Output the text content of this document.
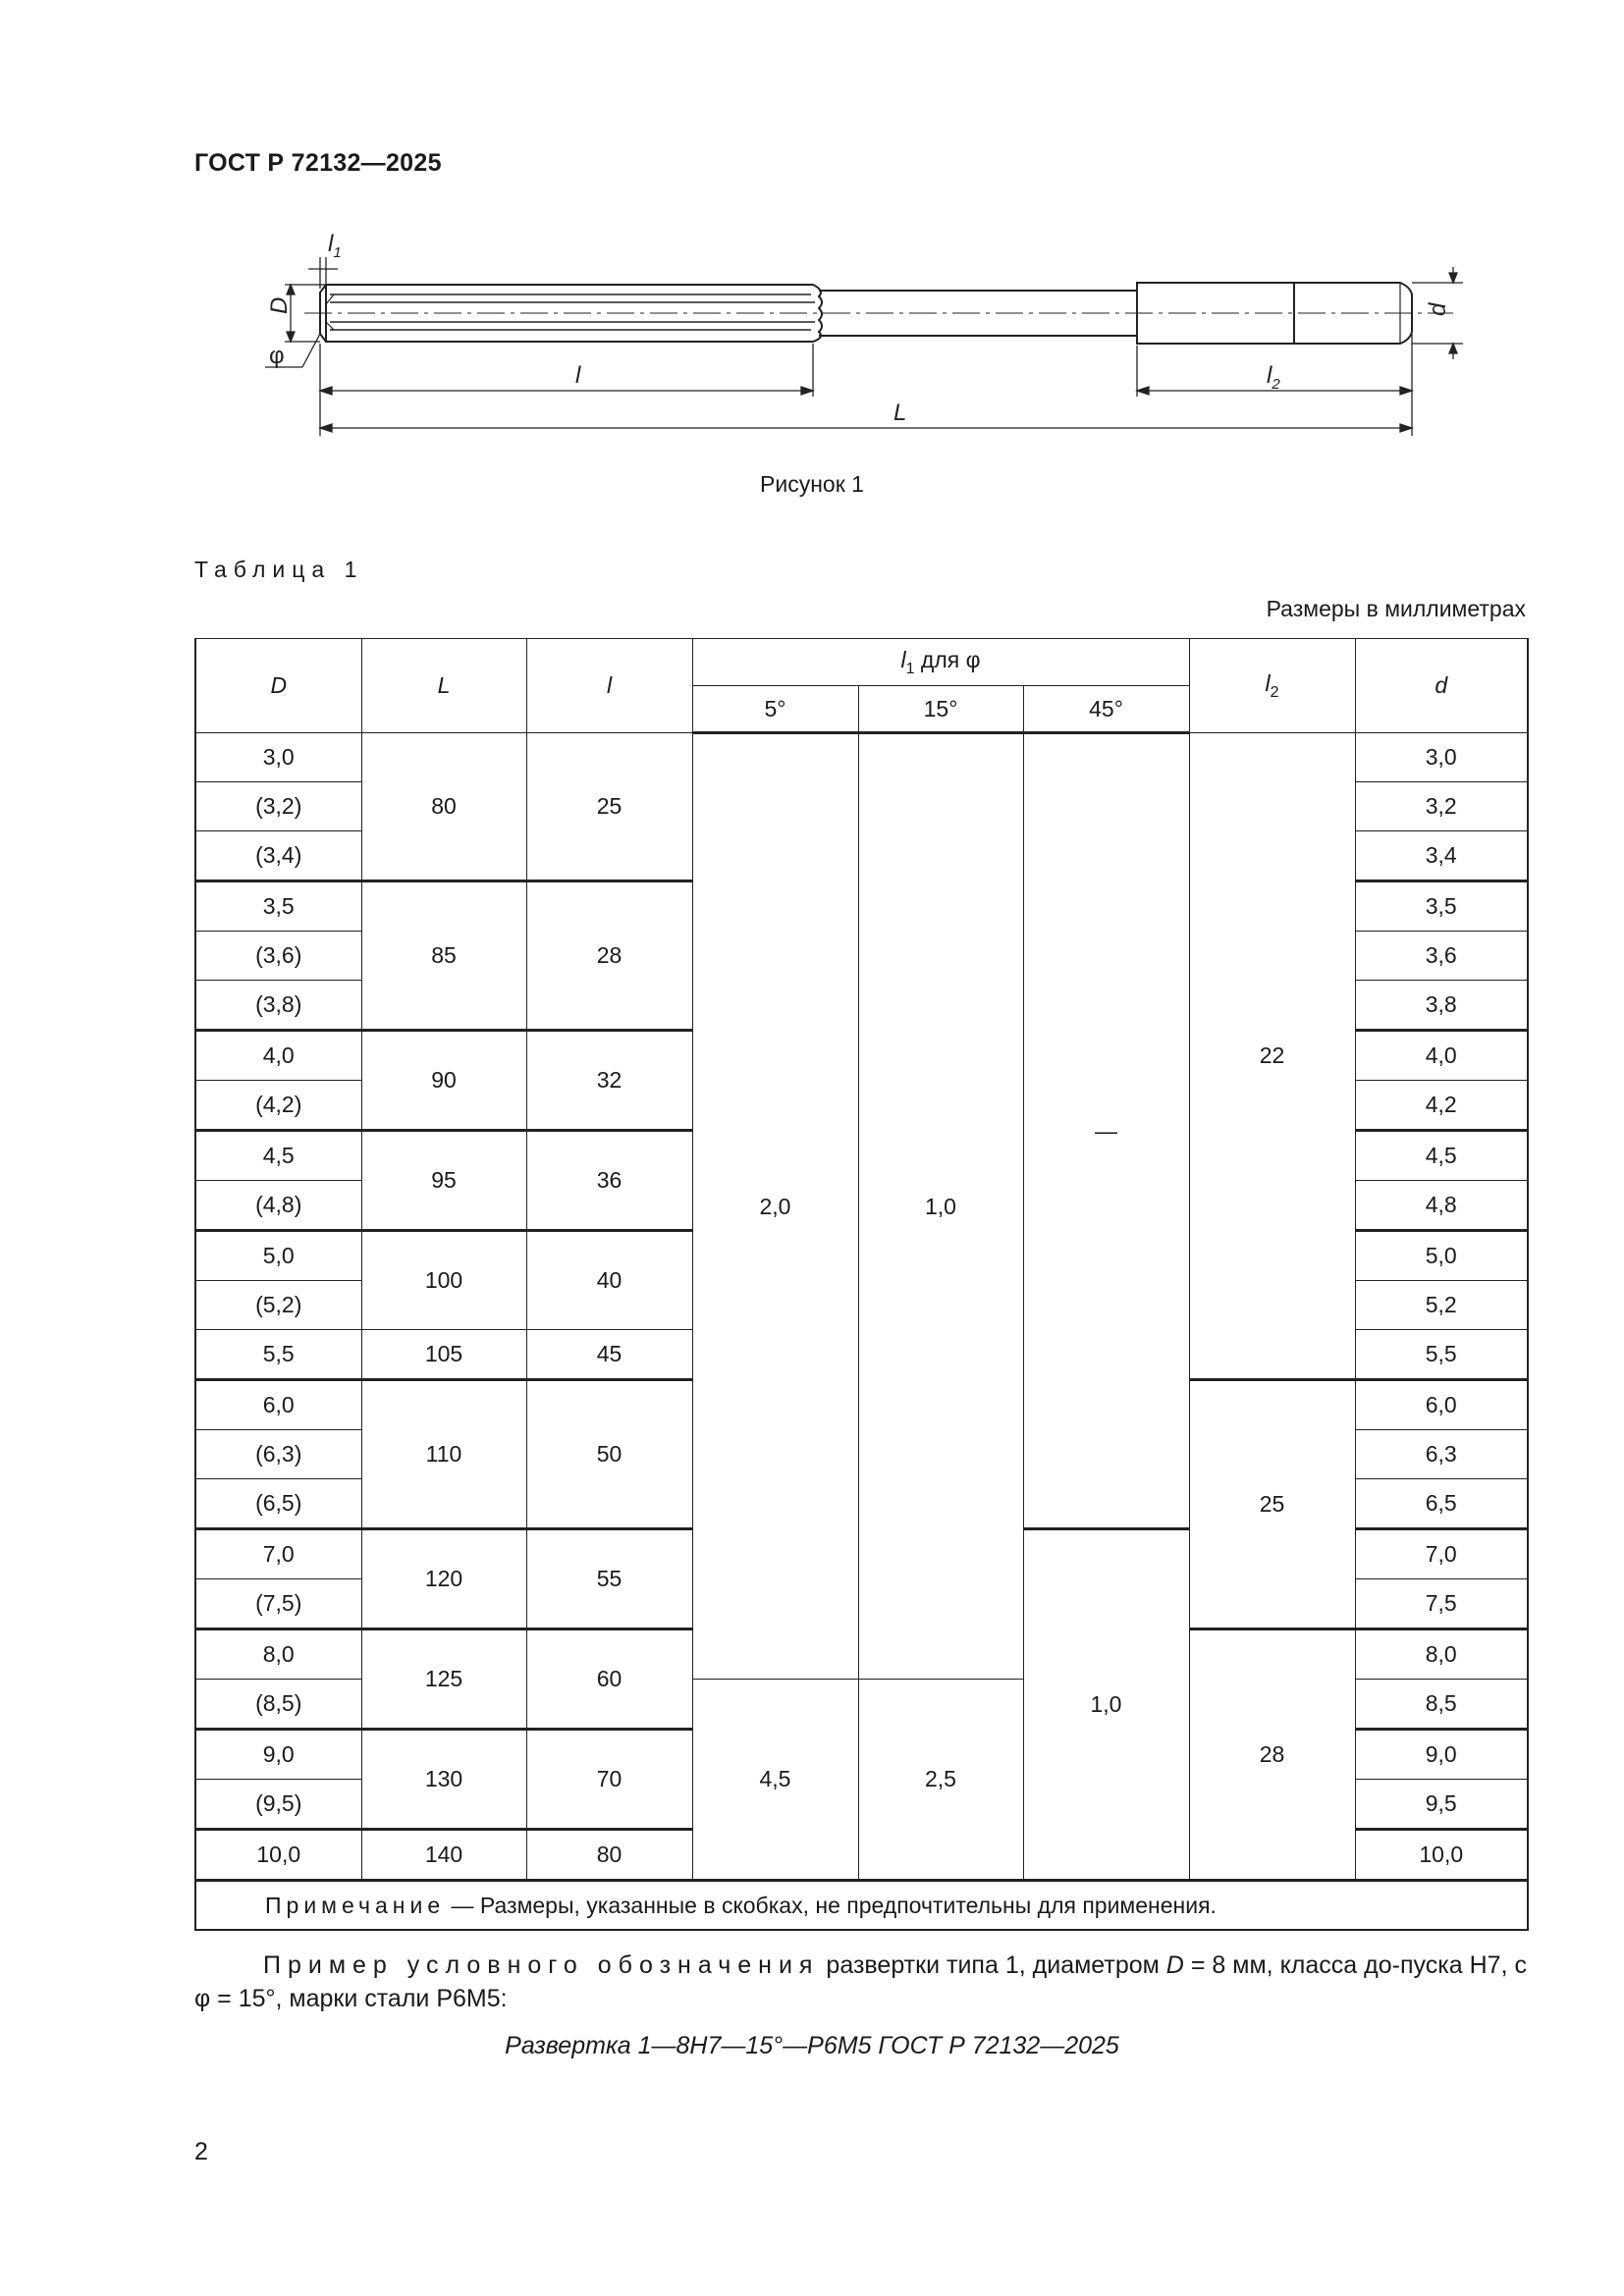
ГОСТ Р 72132—2025
$l_1$
D
φ
l	$l_2$
L
d
Рисунок 1
Таблица 1
Размеры в миллиметрах
D	L	l	$l_1$ для φ			$l_2$	d
			5°	15°	45°		
3,0	80	25	2,0	1,0	—	22	3,0
(3,2)							3,2
(3,4)							3,4
3,5	85	28					3,5
(3,6)							3,6
(3,8)							3,8
4,0	90	32					4,0
(4,2)							4,2
4,5	95	36					4,5
(4,8)							4,8
5,0	100	40					5,0
(5,2)							5,2
5,5	105	45					5,5
6,0	110	50				25	6,0
(6,3)							6,3
(6,5)							6,5
7,0	120	55			1,0		7,0
(7,5)							7,5
8,0	125	60				28	8,0
(8,5)			4,5	2,5			8,5
9,0	130	70					9,0
(9,5)							9,5
10,0	140	80					10,0
Примечание — Размеры, указанные в скобках, не предпочтительны для применения.							
Пример условного обозначения развертки типа 1, диаметром D = 8 мм, класса до-пуска H7, с φ = 15°, марки стали Р6М5:
Развертка 1—8Н7—15°—Р6М5 ГОСТ Р 72132—2025
2
